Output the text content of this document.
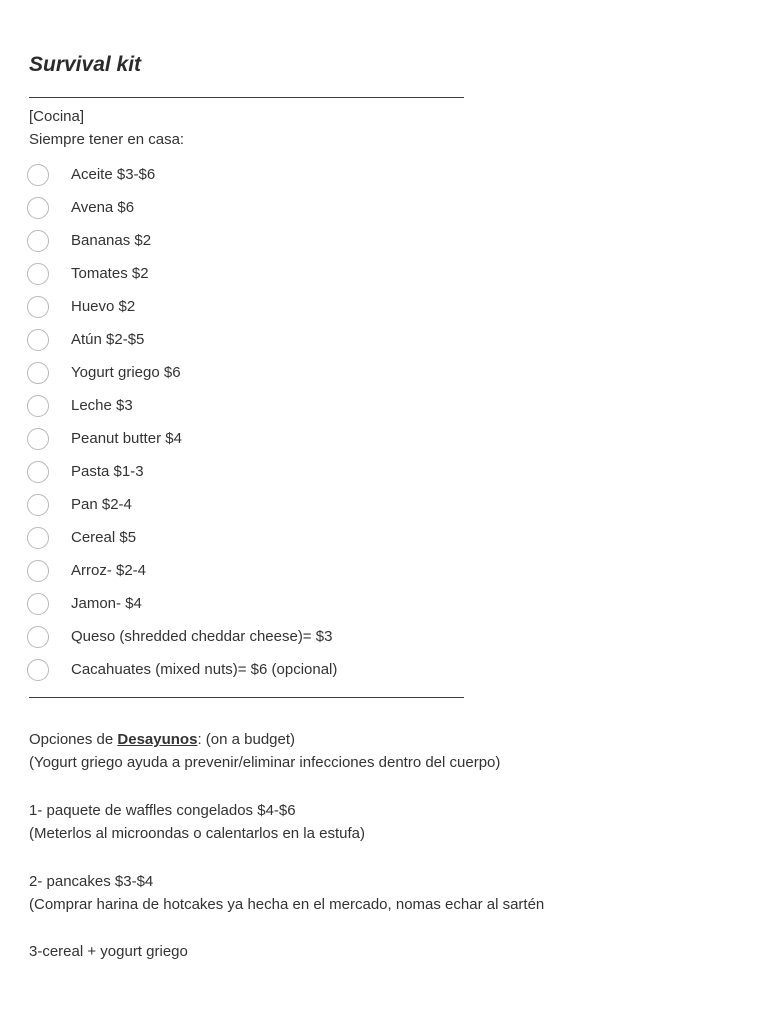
Survival kit
[Cocina]
Siempre tener en casa:
Aceite $3-$6
Avena $6
Bananas $2
Tomates $2
Huevo $2
Atún $2-$5
Yogurt griego $6
Leche $3
Peanut butter $4
Pasta $1-3
Pan $2-4
Cereal $5
Arroz- $2-4
Jamon- $4
Queso (shredded cheddar cheese)= $3
Cacahuates (mixed nuts)= $6 (opcional)
Opciones de Desayunos: (on a budget)
(Yogurt griego ayuda a prevenir/eliminar infecciones dentro del cuerpo)
1- paquete de waffles congelados $4-$6
(Meterlos al microondas o calentarlos en la estufa)
2- pancakes $3-$4
(Comprar harina de hotcakes ya hecha en el mercado, nomas echar al sartén
3-cereal + yogurt griego
